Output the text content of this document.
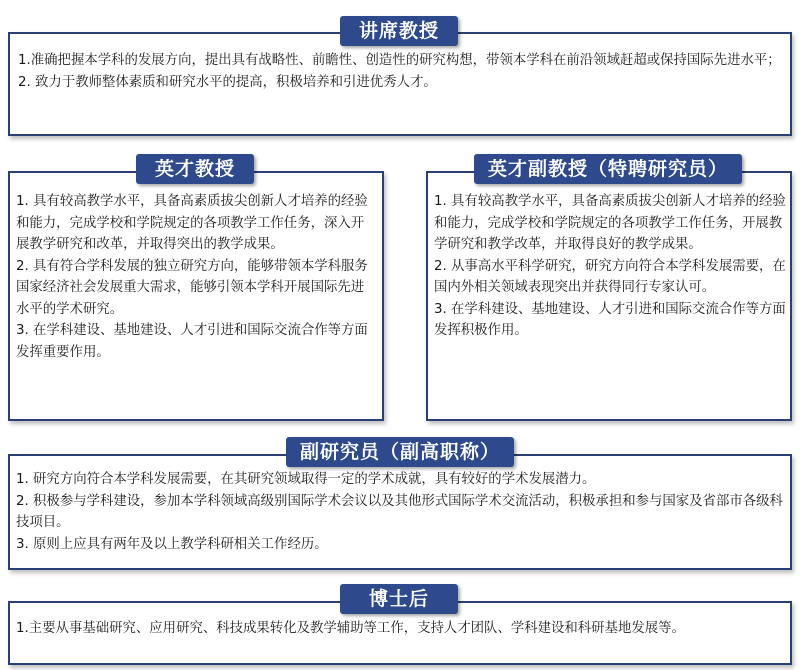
1.准确把握本学科的发展方向，提出具有战略性、前瞻性、创造性的研究构想，带领本学科在前沿领域赶超或保持国际先进水平；

2. 致力于教师整体素质和研究水平的提高，积极培养和引进优秀人才。

讲席教授

1. 具有较高教学水平，具备高素质拔尖创新人才培养的经验和能力，完成学校和学院规定的各项教学工作任务，深入开展教学研究和改革，并取得突出的教学成果。

2. 具有符合学科发展的独立研究方向，能够带领本学科服务国家经济社会发展重大需求，能够引领本学科开展国际先进水平的学术研究。

3. 在学科建设、基地建设、人才引进和国际交流合作等方面发挥重要作用。

英才教授

1. 具有较高教学水平，具备高素质拔尖创新人才培养的经验和能力，完成学校和学院规定的各项教学工作任务，开展教学研究和教学改革，并取得良好的教学成果。

2. 从事高水平科学研究，研究方向符合本学科发展需要，在国内外相关领域表现突出并获得同行专家认可。

3. 在学科建设、基地建设、人才引进和国际交流合作等方面发挥积极作用。

英才副教授（特聘研究员）

1. 研究方向符合本学科发展需要，在其研究领域取得一定的学术成就，具有较好的学术发展潜力。

2. 积极参与学科建设，参加本学科领域高级别国际学术会议以及其他形式国际学术交流活动，积极承担和参与国家及省部市各级科技项目。

3. 原则上应具有两年及以上教学科研相关工作经历。

副研究员（副高职称）

1.主要从事基础研究、应用研究、科技成果转化及教学辅助等工作，支持人才团队、学科建设和科研基地发展等。

博士后
